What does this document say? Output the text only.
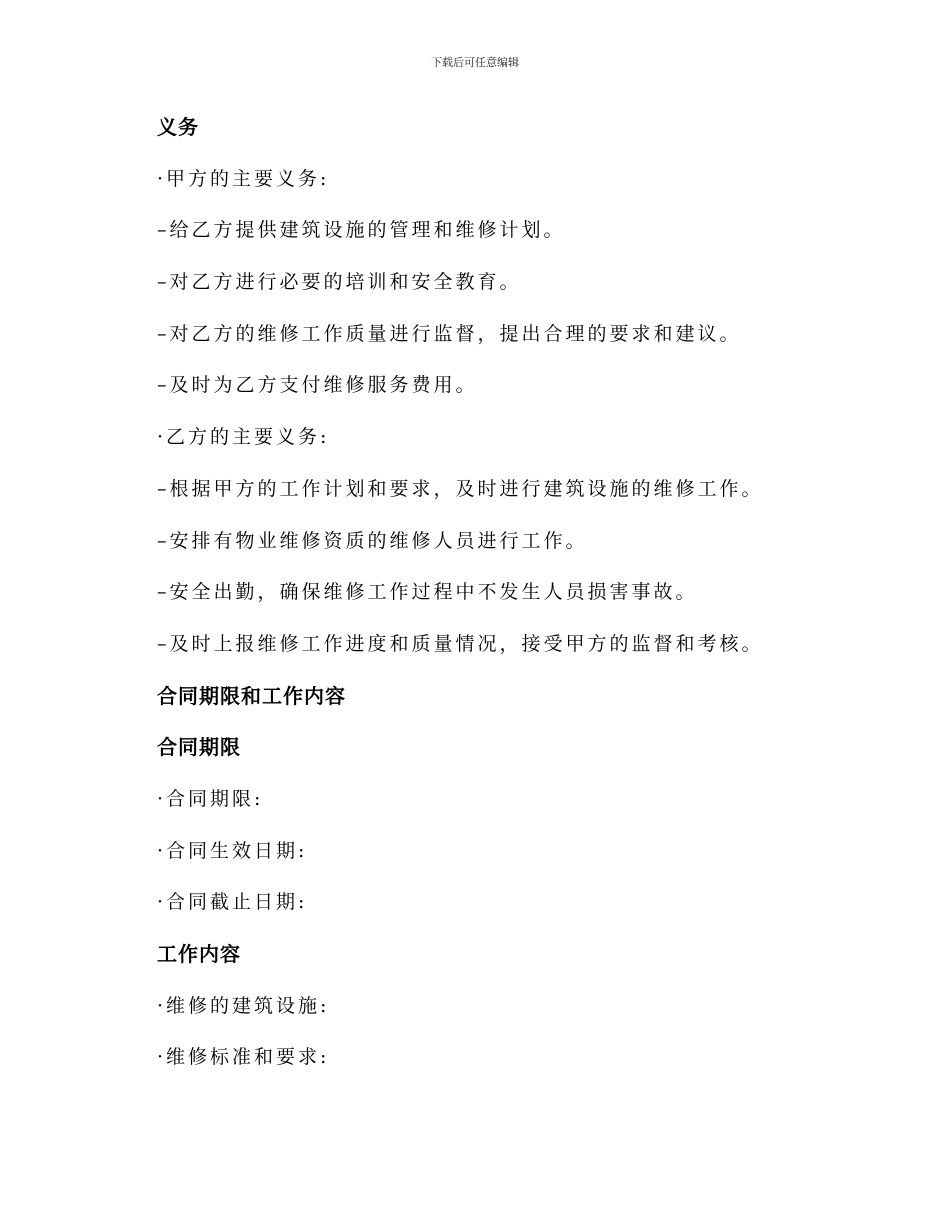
下载后可任意编辑
义务
·甲方的主要义务:
–给乙方提供建筑设施的管理和维修计划。
–对乙方进行必要的培训和安全教育。
–对乙方的维修工作质量进行监督，提出合理的要求和建议。
–及时为乙方支付维修服务费用。
·乙方的主要义务:
–根据甲方的工作计划和要求，及时进行建筑设施的维修工作。
–安排有物业维修资质的维修人员进行工作。
–安全出勤，确保维修工作过程中不发生人员损害事故。
–及时上报维修工作进度和质量情况，接受甲方的监督和考核。
合同期限和工作内容
合同期限
·合同期限:
·合同生效日期:
·合同截止日期:
工作内容
·维修的建筑设施:
·维修标准和要求:
